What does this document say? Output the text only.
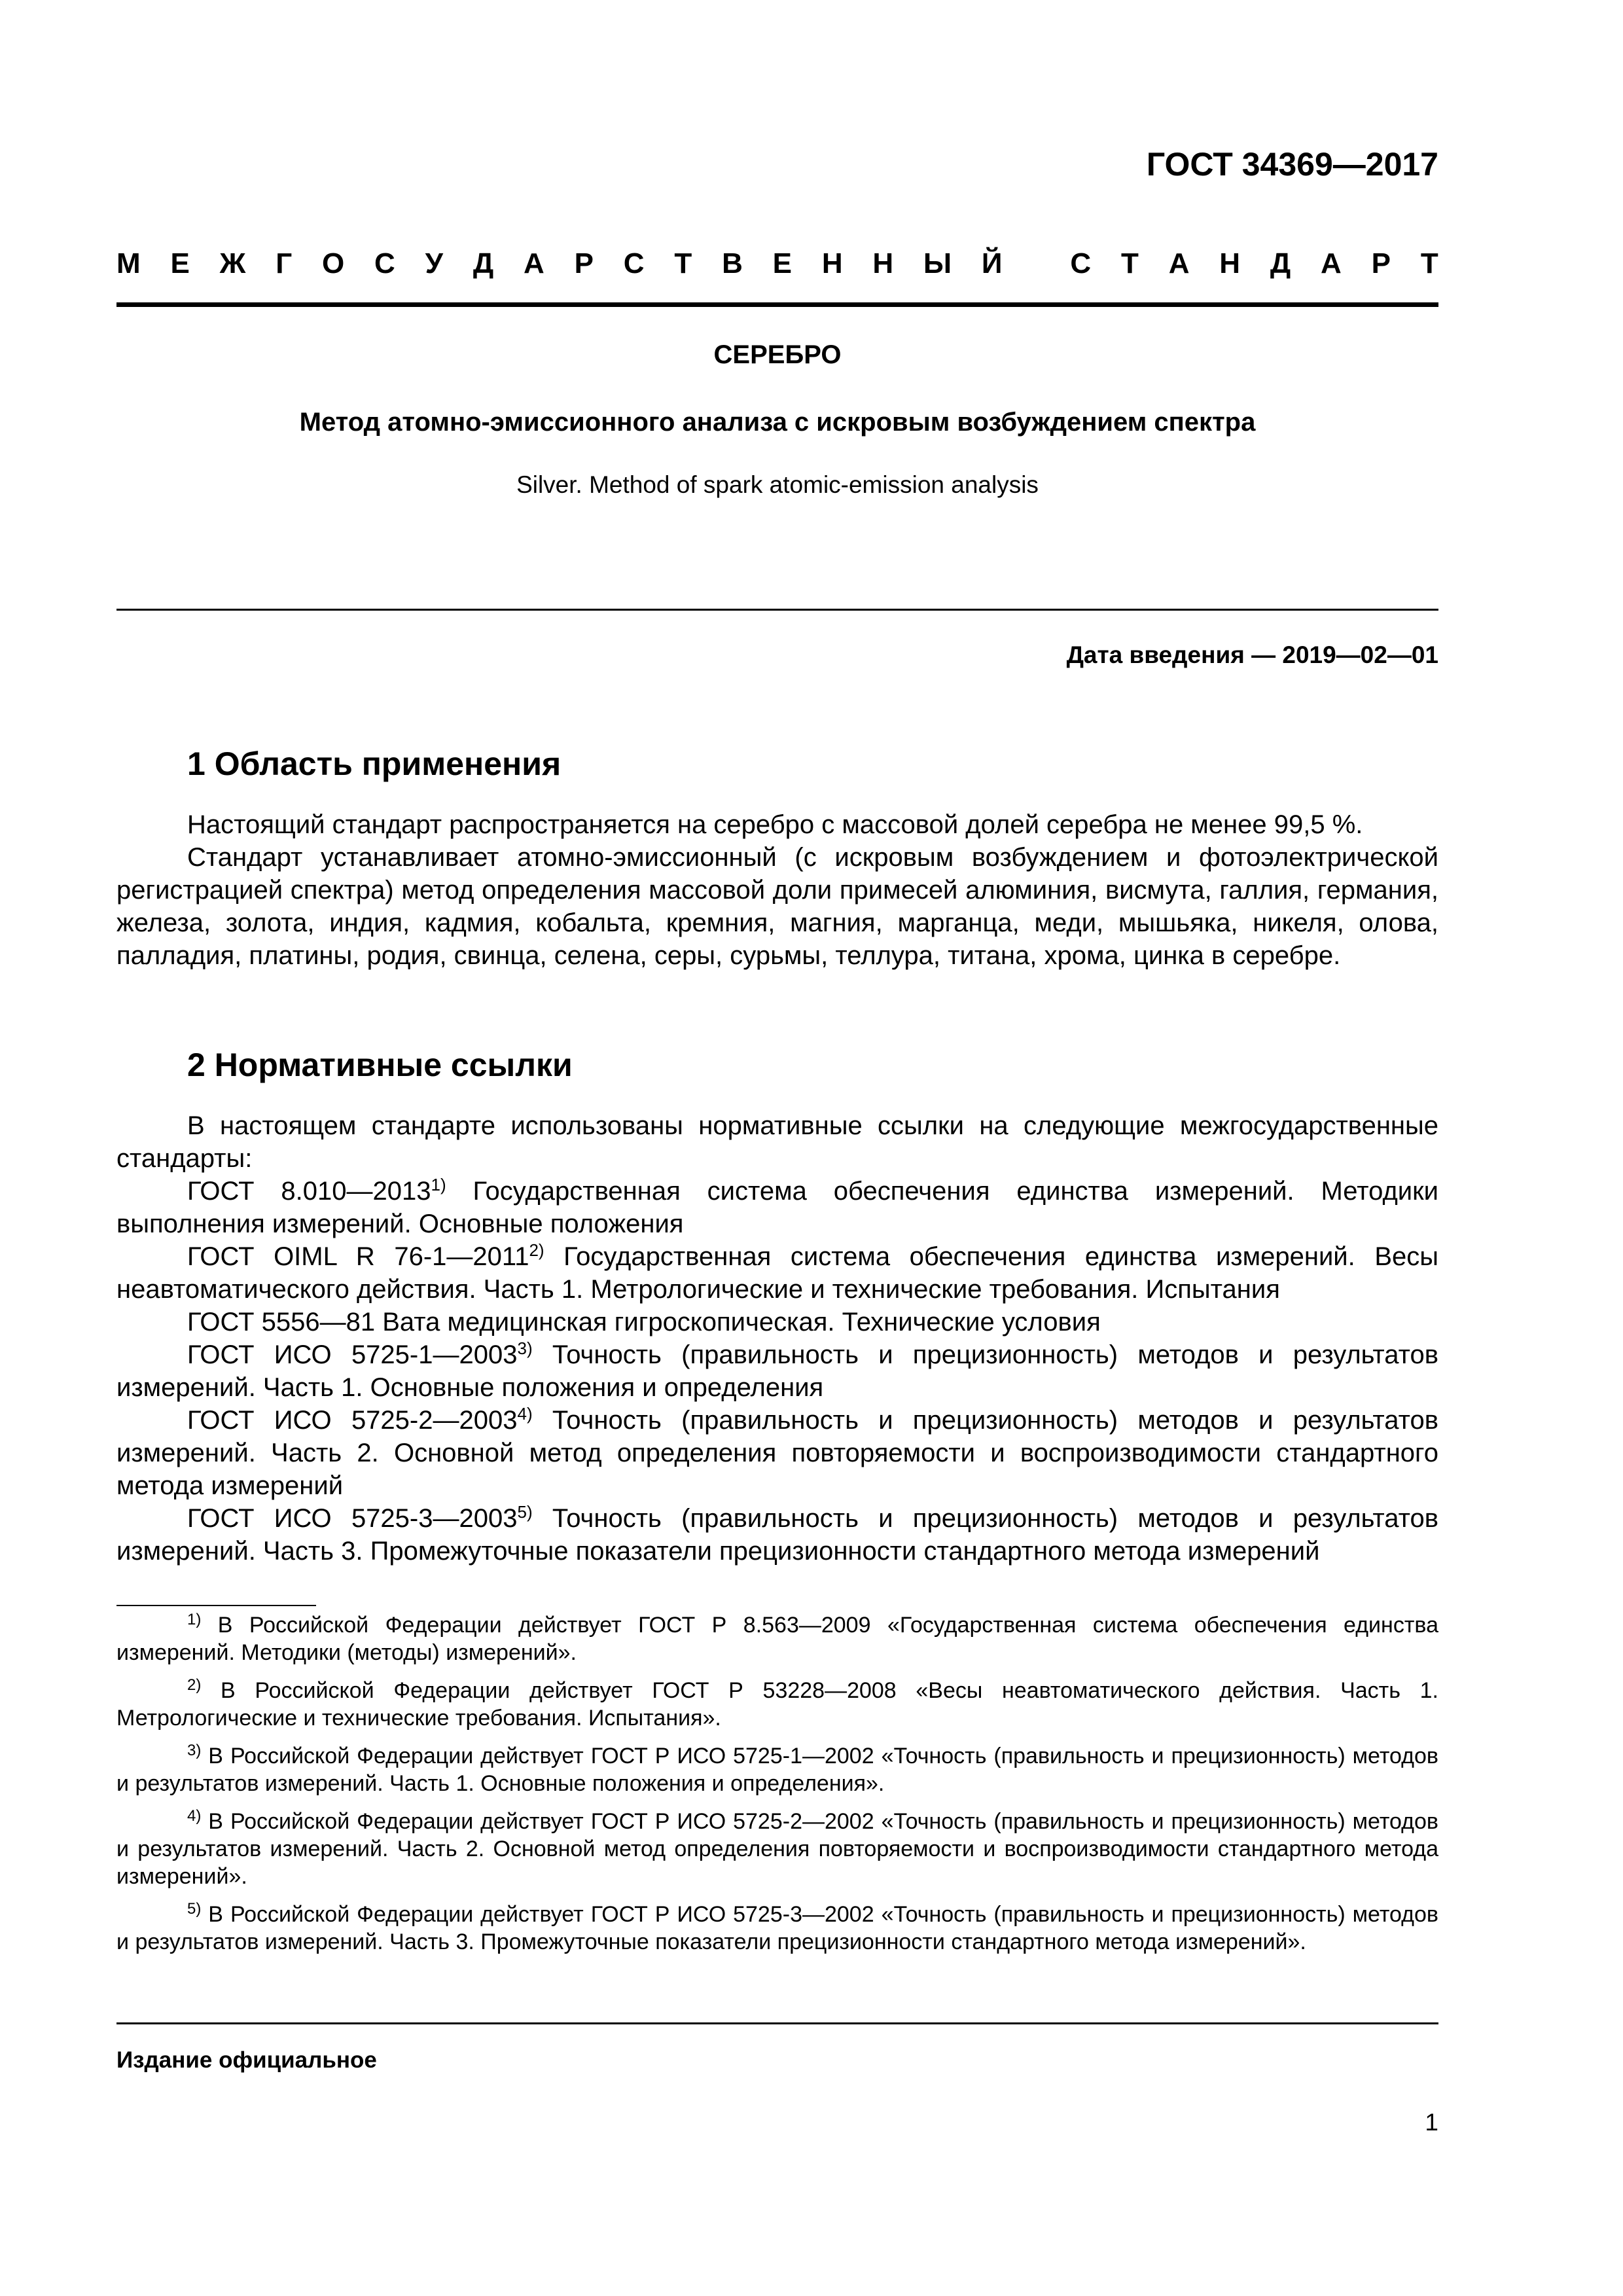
ГОСТ 34369—2017
М Е Ж Г О С У Д А Р С Т В Е Н Н Ы Й
С Т А Н Д А Р Т

СЕРЕБРО

Метод атомно-эмиссионного анализа с искровым возбуждением спектра

Silver. Method of spark atomic-emission analysis

Дата введения — 2019—02—01

1 Область применения

Настоящий стандарт распространяется на серебро с массовой долей серебра не менее 99,5 %.

Стандарт устанавливает атомно-эмиссионный (с искровым возбуждением и фотоэлектрической регистрацией спектра) метод определения массовой доли примесей алюминия, висмута, галлия, германия, железа, золота, индия, кадмия, кобальта, кремния, магния, марганца, меди, мышьяка, никеля, олова, палладия, платины, родия, свинца, селена, серы, сурьмы, теллура, титана, хрома, цинка в серебре.

2 Нормативные ссылки

В настоящем стандарте использованы нормативные ссылки на следующие межгосударственные стандарты:

ГОСТ 8.010—2013$^{1)}$ Государственная система обеспечения единства измерений. Методики выполнения измерений. Основные положения

ГОСТ OIML R 76-1—2011$^{2)}$ Государственная система обеспечения единства измерений. Весы неавтоматического действия. Часть 1. Метрологические и технические требования. Испытания

ГОСТ 5556—81 Вата медицинская гигроскопическая. Технические условия

ГОСТ ИСО 5725-1—2003$^{3)}$ Точность (правильность и прецизионность) методов и результатов измерений. Часть 1. Основные положения и определения

ГОСТ ИСО 5725-2—2003$^{4)}$ Точность (правильность и прецизионность) методов и результатов измерений. Часть 2. Основной метод определения повторяемости и воспроизводимости стандартного метода измерений

ГОСТ ИСО 5725-3—2003$^{5)}$ Точность (правильность и прецизионность) методов и результатов измерений. Часть 3. Промежуточные показатели прецизионности стандартного метода измерений

$^{1)}$ В Российской Федерации действует ГОСТ Р 8.563—2009 «Государственная система обеспечения единства измерений. Методики (методы) измерений».

$^{2)}$ В Российской Федерации действует ГОСТ Р 53228—2008 «Весы неавтоматического действия. Часть 1. Метрологические и технические требования. Испытания».

$^{3)}$ В Российской Федерации действует ГОСТ Р ИСО 5725-1—2002 «Точность (правильность и прецизионность) методов и результатов измерений. Часть 1. Основные положения и определения».

$^{4)}$ В Российской Федерации действует ГОСТ Р ИСО 5725-2—2002 «Точность (правильность и прецизионность) методов и результатов измерений. Часть 2. Основной метод определения повторяемости и воспроизводимости стандартного метода измерений».

$^{5)}$ В Российской Федерации действует ГОСТ Р ИСО 5725-3—2002 «Точность (правильность и прецизионность) методов и результатов измерений. Часть 3. Промежуточные показатели прецизионности стандартного метода измерений».

Издание официальное

1
